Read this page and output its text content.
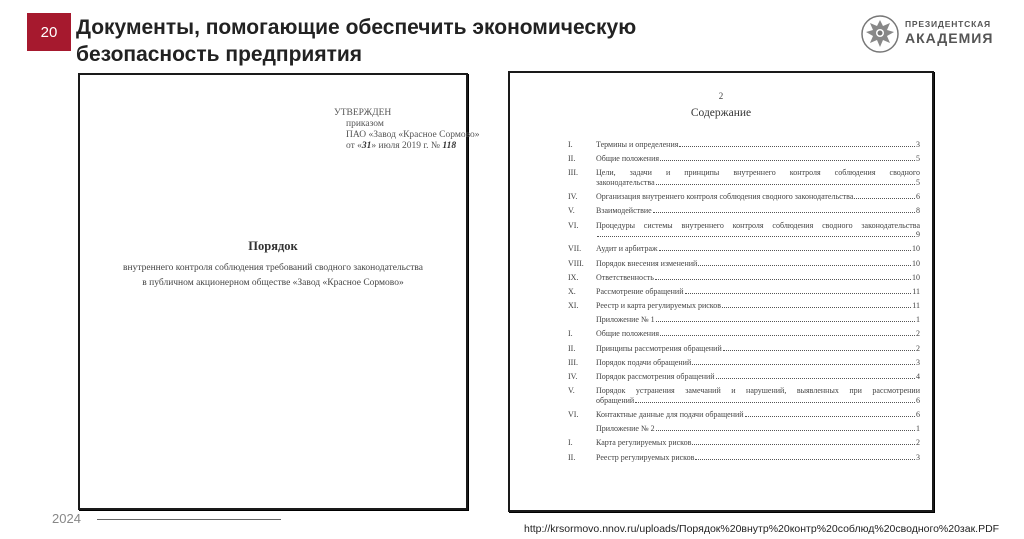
20 Документы, помогающие обеспечить экономическую
безопасность предприятия
ПРЕЗИДЕНТСКАЯ
АКАДЕМИЯ
УТВЕРЖДЕН
приказом
ПАО «Завод «Красное Сормово»
от «31» июля 2019 г. № 118
Порядок
внутреннего контроля соблюдения требований сводного законодательства
в публичном акционерном обществе «Завод «Красное Сормово»
2
Содержание
I.	Термины и определения	3
II.	Общие положения	5
III. Цели, задачи и принципы внутреннего контроля соблюдения сводного
законодательства	5
IV. Организация внутреннего контроля соблюдения сводного законодательства	6
V.	Взаимодействие	8
VI. Процедуры системы внутреннего контроля соблюдения сводного законодательства
9
VII. Аудит и арбитраж	10
VIII. Порядок внесения изменений	10
IX. Ответственность	10
X.	Рассмотрение обращений	11
XI. Реестр и карта регулируемых рисков	11
Приложение № 1	1
I.	Общие положения	2
II.	Принципы рассмотрения обращений	2
III. Порядок подачи обращений	3
IV. Порядок рассмотрения обращений	4
V.	Порядок устранения замечаний и нарушений, выявленных при рассмотрении
обращений	6
VI. Контактные данные для подачи обращений	6
Приложение № 2	1
I.	Карта регулируемых рисков	2
II.	Реестр регулируемых рисков	3
2024
http://krsormovo.nnov.ru/uploads/Порядок%20внутр%20контр%20соблюд%20сводного%20зак.PDF
